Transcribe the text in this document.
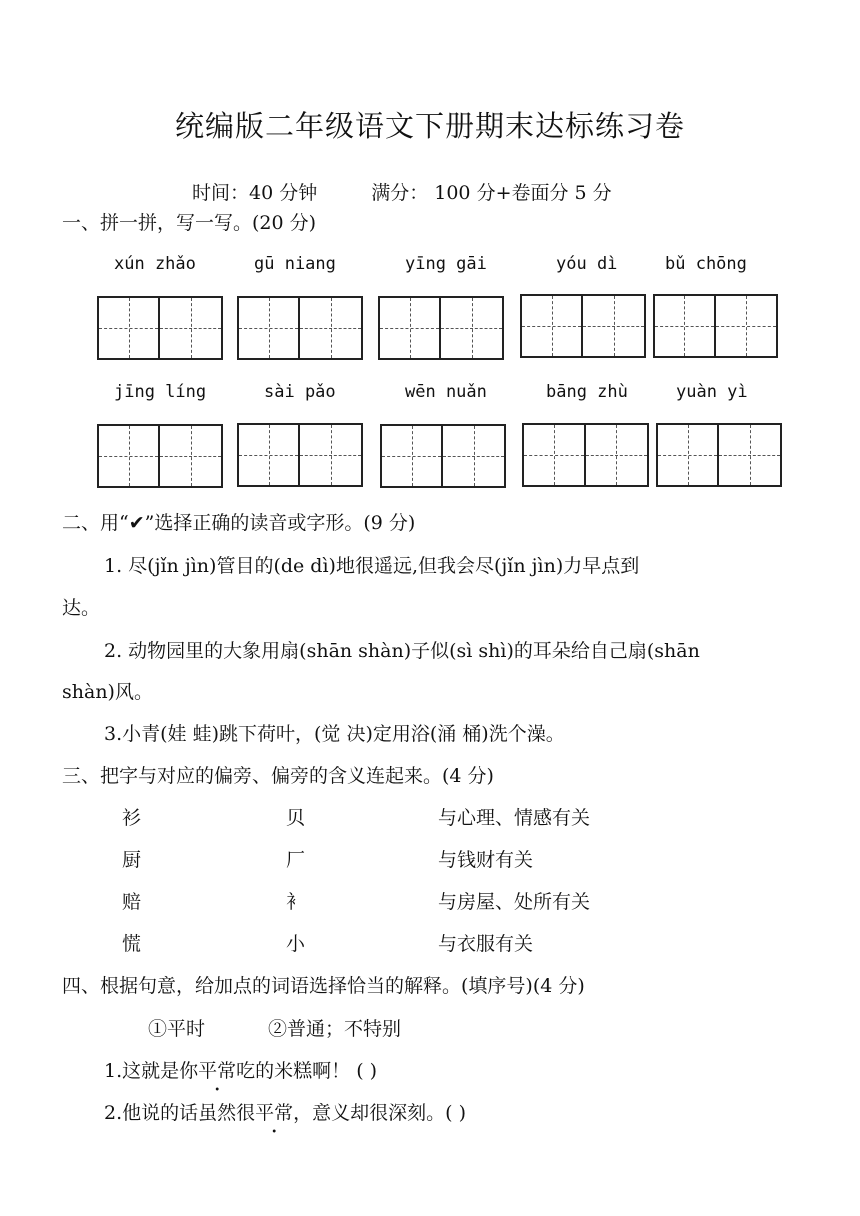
统编版二年级语文下册期末达标练习卷
时间：40 分钟	满分： 100 分+卷面分 5 分
一、拼一拼，写一写。(20 分)
xún zhǎo	gū niang	yīng gāi	yóu dì	bǔ chōng
jīng líng	sài pǎo	wēn nuǎn	bāng zhù	yuàn yì
二、用“✔”选择正确的读音或字形。(9 分)
1. 尽(jǐn jìn)管目的(de dì)地很遥远,但我会尽(jǐn jìn)力早点到
达。
2. 动物园里的大象用扇(shān shàn)子似(sì shì)的耳朵给自己扇(shān
shàn)风。
3.小青(娃 蛙)跳下荷叶，(觉 决)定用浴(涌 桶)洗个澡。
三、把字与对应的偏旁、偏旁的含义连起来。(4 分)
衫	贝	与心理、情感有关
厨	厂	与钱财有关
赔	衤	与房屋、处所有关
慌	小	与衣服有关
四、根据句意，给加点的词语选择恰当的解释。(填序号)(4 分)
①平时	②普通；不特别
1.这就是你平常吃的米糕啊！ ( )
2.他说的话虽然很平常，意义却很深刻。( )
